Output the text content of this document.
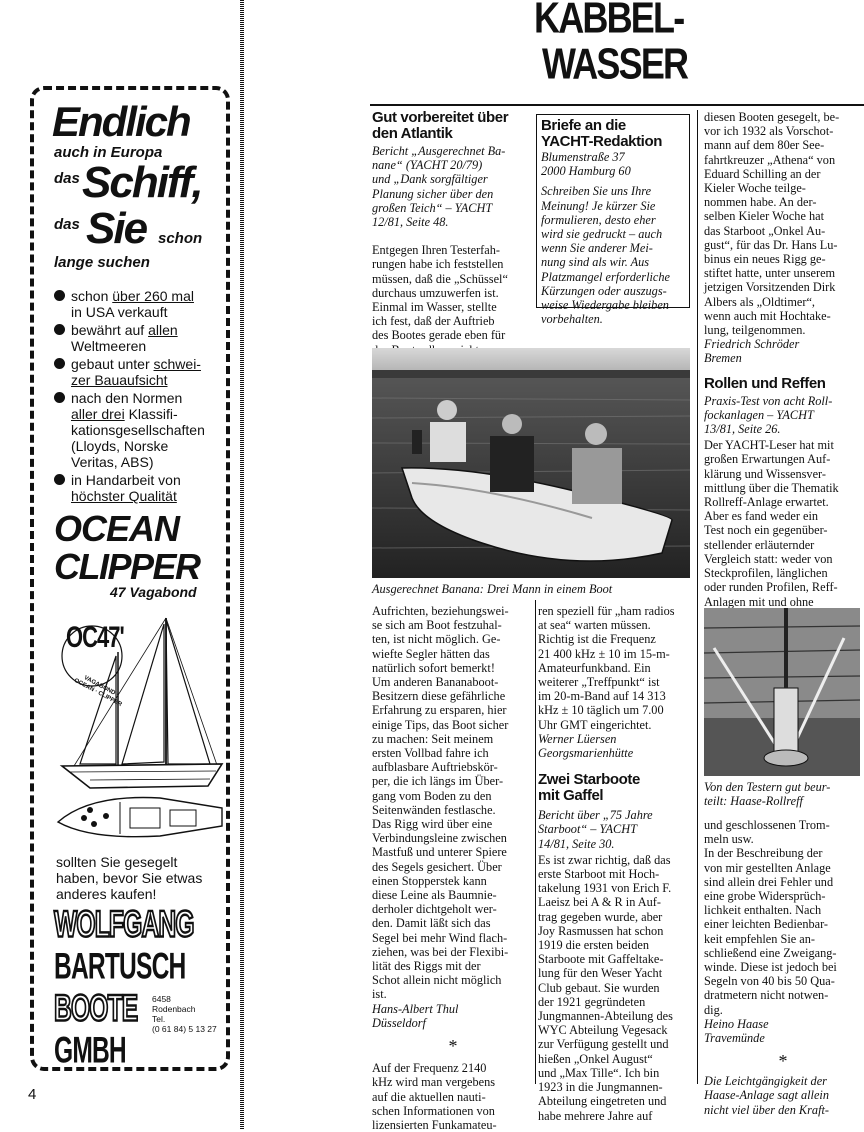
Endlich
auch in Europa
das Schiff,
das Sie schon
lange suchen
schon über 260 mal
in USA verkauft
bewährt auf allen
Weltmeeren
gebaut unter schwei-
zer Bauaufsicht
nach den Normen
aller drei Klassifi-
kationsgesellschaften
(Lloyds, Norske
Veritas, ABS)
in Handarbeit von
höchster Qualität
OCEAN
CLIPPER
47 Vagabond
OC47'
VAGABOND · OCEAN · CLIPPER
sollten Sie gesegelt
haben, bevor Sie etwas
anderes kaufen!
WOLFGANG
BARTUSCH
BOOTE
GMBH
6458
Rodenbach
Tel.
(0 61 84) 5 13 27
4
KABBEL-
WASSER
Gut vorbereitet über
den Atlantik
Bericht „Ausgerechnet Ba-
nane“ (YACHT 20/79)
und „Dank sorgfältiger
Planung sicher über den
großen Teich“ – YACHT
12/81, Seite 48.
Entgegen Ihren Testerfah-
rungen habe ich feststellen
müssen, daß die „Schüssel“
durchaus umzuwerfen ist.
Einmal im Wasser, stellte
ich fest, daß der Auftrieb
des Bootes gerade eben für
Briefe an die
YACHT-Redaktion
Blumenstraße 37
2000 Hamburg 60
Schreiben Sie uns Ihre
Meinung! Je kürzer Sie
formulieren, desto eher
wird sie gedruckt – auch
wenn Sie anderer Mei-
nung sind als wir. Aus
Platzmangel erforderliche
Kürzungen oder auszugs-
weise Wiedergabe bleiben
vorbehalten.
Ausgerechnet Banana: Drei Mann in einem Boot
Aufrichten, beziehungswei-
se sich am Boot festzuhal-
ten, ist nicht möglich. Ge-
wiefte Segler hätten das
natürlich sofort bemerkt!
Um anderen Bananaboot-
Besitzern diese gefährliche
Erfahrung zu ersparen, hier
einige Tips, das Boot sicher
zu machen: Seit meinem
ersten Vollbad fahre ich
aufblasbare Auftriebskör-
per, die ich längs im Über-
gang vom Boden zu den
Seitenwänden festlasche.
Das Rigg wird über eine
Verbindungsleine zwischen
Mastfuß und unterer Spiere
des Segels gesichert. Über
einen Stopperstek kann
diese Leine als Baumnie-
derholer dichtgeholt wer-
den. Damit läßt sich das
Segel bei mehr Wind flach-
ziehen, was bei der Flexibi-
lität des Riggs mit der
Schot allein nicht möglich
ist.
Hans-Albert Thul
Düsseldorf
*
Auf der Frequenz 2140
kHz wird man vergebens
auf die aktuellen nauti-
schen Informationen von
lizensierten Funkamateu-
ren speziell für „ham radios
at sea“ warten müssen.
Richtig ist die Frequenz
21 400 kHz ± 10 im 15-m-
Amateurfunkband. Ein
weiterer „Treffpunkt“ ist
im 20-m-Band auf 14 313
kHz ± 10 täglich um 7.00
Uhr GMT eingerichtet.
Werner Lüersen
Georgsmarienhütte
Zwei Starboote
mit Gaffel
Bericht über „75 Jahre
Starboot“ – YACHT
14/81, Seite 30.
Es ist zwar richtig, daß das
erste Starboot mit Hoch-
takelung 1931 von Erich F.
Laeisz bei A & R in Auf-
trag gegeben wurde, aber
Joy Rasmussen hat schon
1919 die ersten beiden
Starboote mit Gaffeltake-
lung für den Weser Yacht
Club gebaut. Sie wurden
der 1921 gegründeten
Jungmannen-Abteilung des
WYC Abteilung Vegesack
zur Verfügung gestellt und
hießen „Onkel August“
und „Max Tille“. Ich bin
1923 in die Jungmannen-
Abteilung eingetreten und
habe mehrere Jahre auf
diesen Booten gesegelt, be-
vor ich 1932 als Vorschot-
mann auf dem 80er See-
fahrtkreuzer „Athena“ von
Eduard Schilling an der
Kieler Woche teilge-
nommen habe. An der-
selben Kieler Woche hat
das Starboot „Onkel Au-
gust“, für das Dr. Hans Lu-
binus ein neues Rigg ge-
stiftet hatte, unter unserem
jetzigen Vorsitzenden Dirk
Albers als „Oldtimer“,
wenn auch mit Hochtake-
lung, teilgenommen.
Friedrich Schröder
Bremen
Rollen und Reffen
Praxis-Test von acht Roll-
fockanlagen – YACHT
13/81, Seite 26.
Der YACHT-Leser hat mit
großen Erwartungen Auf-
klärung und Wissensver-
mittlung über die Thematik
Rollreff-Anlage erwartet.
Aber es fand weder ein
Test noch ein gegenüber-
stellender erläuternder
Vergleich statt: weder von
Steckprofilen, länglichen
oder runden Profilen, Reff-
Anlagen mit und ohne
Von den Testern gut beur-
teilt: Haase-Rollreff
und geschlossenen Trom-
meln usw.
In der Beschreibung der
von mir gestellten Anlage
sind allein drei Fehler und
eine grobe Widersprüch-
lichkeit enthalten. Nach
einer leichten Bedienbar-
keit empfehlen Sie an-
schließend eine Zweigang-
winde. Diese ist jedoch bei
Segeln von 40 bis 50 Qua-
dratmetern nicht notwen-
dig.
Heino Haase
Travemünde
*
Die Leichtgängigkeit der
Haase-Anlage sagt allein
nicht viel über den Kraft-
